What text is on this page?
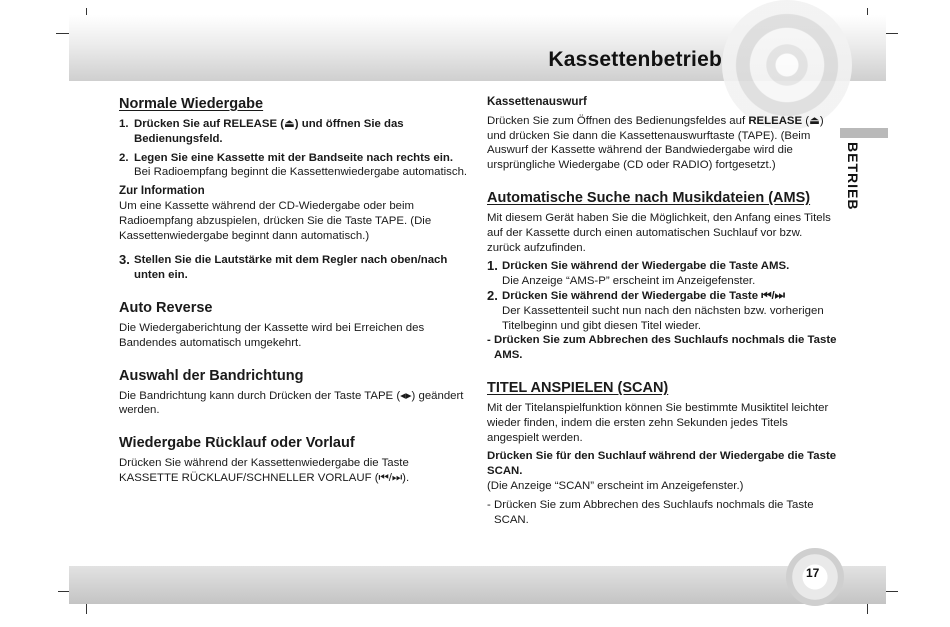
Kassettenbetrieb
BETRIEB
Normale Wiedergabe
1. Drücken Sie auf RELEASE (⏏) und öffnen Sie das Bedienungsfeld.
2. Legen Sie eine Kassette mit der Bandseite nach rechts ein.
Bei Radioempfang beginnt die Kassettenwiedergabe automatisch.
Zur Information

Um eine Kassette während der CD-Wiedergabe oder beim Radioempfang abzuspielen, drücken Sie die Taste TAPE. (Die Kassettenwiedergabe beginnt dann automatisch.)

3. Stellen Sie die Lautstärke mit dem Regler nach oben/nach unten ein.
Auto Reverse

Die Wiedergaberichtung der Kassette wird bei Erreichen des Bandendes automatisch umgekehrt.

Auswahl der Bandrichtung

Die Bandrichtung kann durch Drücken der Taste TAPE (◂▸) geändert werden.

Wiedergabe Rücklauf oder Vorlauf

Drücken Sie während der Kassettenwiedergabe die Taste KASSETTE RÜCKLAUF/SCHNELLER VORLAUF (⏮/⏭).

Kassettenauswurf

Drücken Sie zum Öffnen des Bedienungsfeldes auf RELEASE (⏏) und drücken Sie dann die Kassettenauswurftaste (TAPE). (Beim Auswurf der Kassette während der Bandwiedergabe wird die ursprüngliche Wiedergabe (CD oder RADIO) fortgesetzt.)

Automatische Suche nach Musikdateien (AMS)

Mit diesem Gerät haben Sie die Möglichkeit, den Anfang eines Titels auf der Kassette durch einen automatischen Suchlauf vor bzw. zurück aufzufinden.

1. Drücken Sie während der Wiedergabe die Taste AMS.
Die Anzeige “AMS-P” erscheint im Anzeigefenster.
2. Drücken Sie während der Wiedergabe die Taste ⏮/⏭
Der Kassettenteil sucht nun nach den nächsten bzw. vorherigen Titelbeginn und gibt diesen Titel wieder.
- Drücken Sie zum Abbrechen des Suchlaufs nochmals die Taste AMS.
TITEL ANSPIELEN (SCAN)

Mit der Titelanspielfunktion können Sie bestimmte Musiktitel leichter wieder finden, indem die ersten zehn Sekunden jedes Titels angespielt werden.

Drücken Sie für den Suchlauf während der Wiedergabe die Taste SCAN.

(Die Anzeige “SCAN” erscheint im Anzeigefenster.)

- Drücken Sie zum Abbrechen des Suchlaufs nochmals die Taste SCAN.
17
